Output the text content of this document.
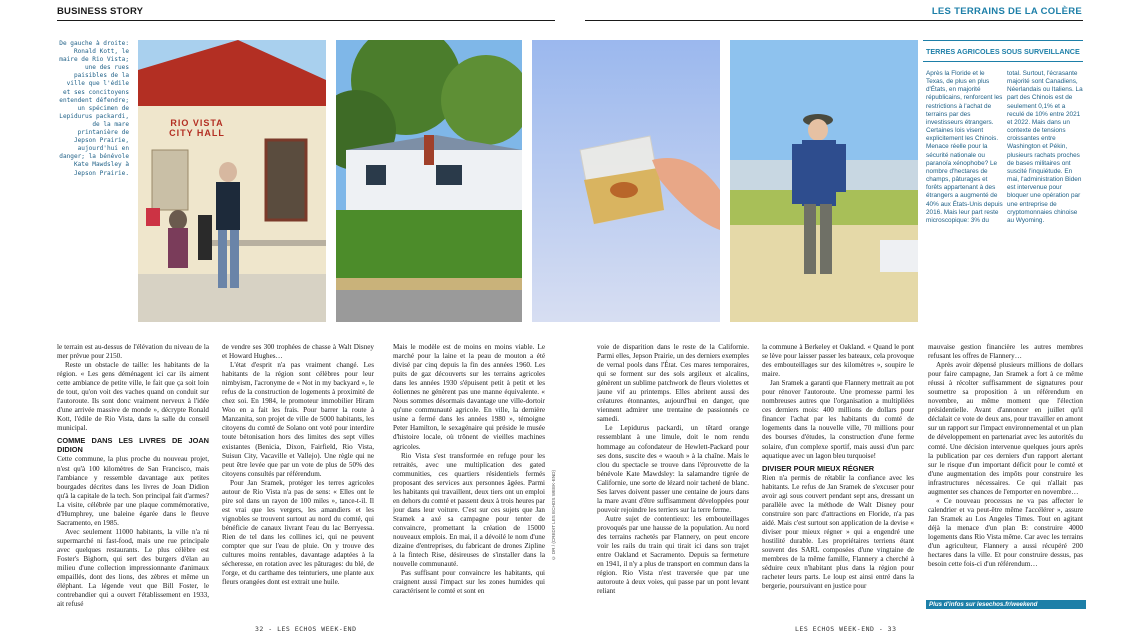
BUSINESS STORY	LES TERRAINS DE LA COLÈRE
De gauche à droite: Ronald Kott, le maire de Rio Vista; une des rues paisibles de la ville que l'édile et ses concitoyens entendent défendre; un spécimen de Lepidurus packardi, de la mare printanière de Jepson Prairie, aujourd'hui en danger; la bénévole Kate Mawdsley à Jepson Prairie.
RIO VISTA CITY HALL
TERRES AGRICOLES SOUS SURVEILLANCE
Après la Floride et le Texas, de plus en plus d'États, en majorité républicains, renforcent les restrictions à l'achat de terrains par des investisseurs étrangers. Certaines lois visent explicitement les Chinois. Menace réelle pour la sécurité nationale ou paranoïa xénophobe? Le nombre d'hectares de champs, pâturages et forêts appartenant à des étrangers a augmenté de 40% aux États-Unis depuis 2016. Mais leur part reste microscopique: 3% du
total. Surtout, l'écrasante majorité sont Canadiens, Néerlandais ou Italiens. La part des Chinois est de seulement 0,1% et a reculé de 10% entre 2021 et 2022. Mais dans un contexte de tensions croissantes entre Washington et Pékin, plusieurs rachats proches de bases militaires ont suscité l'inquiétude. En mai, l'administration Biden est intervenue pour bloquer une opération par une entreprise de cryptomonnaies chinoise au Wyoming.

le terrain est au-dessus de l'élévation du niveau de la mer prévue pour 2150.

Reste un obstacle de taille: les habitants de la région. « Les gens déménagent ici car ils aiment cette ambiance de petite ville, le fait que ça soit loin de tout, qu'on voit des vaches quand on conduit sur l'autoroute. Ils sont donc vraiment nerveux à l'idée d'une arrivée massive de monde », décrypte Ronald Kott, l'édile de Rio Vista, dans la salle du conseil municipal.

COMME DANS LES LIVRES DE JOAN DIDION

Cette commune, la plus proche du nouveau projet, n'est qu'à 100 kilomètres de San Francisco, mais l'ambiance y ressemble davantage aux petites bourgades décrites dans les livres de Joan Didion qu'à la capitale de la tech. Son principal fait d'armes? La visite, célébrée par une plaque commémorative, d'Humphrey, une baleine égarée dans le fleuve Sacramento, en 1985.

Avec seulement 11000 habitants, la ville n'a ni supermarché ni fast-food, mais une rue principale avec quelques restaurants. Le plus célèbre est Foster's Bighorn, qui sert des burgers d'élan au milieu d'une collection impressionnante d'animaux empaillés, dont des lions, des zèbres et même un éléphant. La légende veut que Bill Foster, le contrebandier qui a ouvert l'établissement en 1933, ait refusé

de vendre ses 300 trophées de chasse à Walt Disney et Howard Hughes…

L'état d'esprit n'a pas vraiment changé. Les habitants de la région sont célèbres pour leur nimbyism, l'acronyme de « Not in my backyard », le refus de la construction de logements à proximité de chez soi. En 1984, le promoteur immobilier Hiram Woo en a fait les frais. Pour barrer la route à Manzanita, son projet de ville de 5000 habitants, les citoyens du comté de Solano ont voté pour interdire toute bétonisation hors des limites des sept villes existantes (Benicia, Dixon, Fairfield, Rio Vista, Suisun City, Vacaville et Vallejo). Une règle qui ne peut être levée que par un vote de plus de 50% des citoyens consultés par référendum.

Pour Jan Sramek, protéger les terres agricoles autour de Rio Vista n'a pas de sens: « Elles ont le pire sol dans un rayon de 100 miles », tance-t-il. Il est vrai que les vergers, les amandiers et les vignobles se trouvent surtout au nord du comté, qui bénéficie de canaux livrant l'eau du lac Berryessa. Rien de tel dans les collines ici, qui ne peuvent compter que sur l'eau de pluie. On y trouve des cultures moins rentables, davantage adaptées à la sécheresse, en rotation avec les pâturages: du blé, de l'orge, et du carthame des teinturiers, une plante aux fleurs orangées dont est extrait une huile.

Mais le modèle est de moins en moins viable. Le marché pour la laine et la peau de mouton a été divisé par cinq depuis la fin des années 1960. Les puits de gaz découverts sur les terrains agricoles dans les années 1930 s'épuisent petit à petit et les éoliennes ne génèrent pas une manne équivalente. « Nous sommes désormais davantage une ville-dortoir qu'une communauté agricole. En ville, la dernière usine a fermé dans les années 1980 », témoigne Peter Hamilton, le sexagénaire qui préside le musée d'histoire locale, où trônent de vieilles machines agricoles.

Rio Vista s'est transformée en refuge pour les retraités, avec une multiplication des gated communities, ces quartiers résidentiels fermés proposant des services aux personnes âgées. Parmi les habitants qui travaillent, deux tiers ont un emploi en dehors du comté et passent deux à trois heures par jour dans leur voiture. C'est sur ces sujets que Jan Sramek a axé sa campagne pour tenter de convaincre, promettant la création de 15000 nouveaux emplois. En mai, il a dévoilé le nom d'une dizaine d'entreprises, du fabricant de drones Zipline à la fintech Rise, désireuses de s'installer dans la nouvelle communauté.

Pas suffisant pour convaincre les habitants, qui craignent aussi l'impact sur les zones humides qui caractérisent le comté et sont en

voie de disparition dans le reste de la Californie. Parmi elles, Jepson Prairie, un des derniers exemples de vernal pools dans l'État. Ces mares temporaires, qui se forment sur des sols argileux et alcalins, génèrent un sublime patchwork de fleurs violettes et jaune vif au printemps. Elles abritent aussi des créatures étonnantes, aujourd'hui en danger, que viennent admirer une trentaine de passionnés ce samedi.

Le Lepidurus packardi, un têtard orange ressemblant à une limule, doit le nom rendu hommage au cofondateur de Hewlett-Packard pour ses dons, suscite des « waouh » à la chaîne. Mais le clou du spectacle se trouve dans l'éprouvette de la bénévole Kate Mawdsley: la salamandre tigrée de Californie, une sorte de lézard noir tacheté de blanc. Ses larves doivent passer une centaine de jours dans la mare avant d'être suffisamment développées pour pouvoir rejoindre les terriers sur la terre ferme.

Autre sujet de contentieux: les embouteillages provoqués par une hausse de la population. Au nord des terrains rachetés par Flannery, on peut encore voir les rails du train qui tirait ici dans son trajet entre Oakland et Sacramento. Depuis sa fermeture en 1941, il n'y a plus de transport en commun dans la région. Rio Vista n'est traversée que par une autoroute à deux voies, qui passe par un pont levant reliant

la commune à Berkeley et Oakland. « Quand le pont se lève pour laisser passer les bateaux, cela provoque des embouteillages sur des kilomètres », soupire le maire.

Jan Sramek a garanti que Flannery mettrait au pot pour rénover l'autoroute. Une promesse parmi les nombreuses autres que l'organisation a multipliées ces derniers mois: 400 millions de dollars pour financer l'achat par les habitants du comté de logements dans la nouvelle ville, 70 millions pour des bourses d'études, la construction d'une ferme solaire, d'un complexe sportif, mais aussi d'un parc aquatique avec un lagon bleu turquoise!

DIVISER POUR MIEUX RÉGNER

Rien n'a permis de rétablir la confiance avec les habitants. Le refus de Jan Sramek de s'excuser pour avoir agi sous couvert pendant sept ans, dressant un parallèle avec la méthode de Walt Disney pour construire son parc d'attractions en Floride, n'a pas aidé. Mais c'est surtout son application de la devise « diviser pour mieux régner » qui a engendré une hostilité durable. Les propriétaires terriens étant souvent des SARL composées d'une vingtaine de membres de la même famille, Flannery a cherché à séduire ceux n'habitant plus dans la région pour racheter leurs parts. Le loup est ainsi entré dans la bergerie, poursuivant en justice pour

mauvaise gestion financière les autres membres refusant les offres de Flannery…

Après avoir dépensé plusieurs millions de dollars pour faire campagne, Jan Sramek a fort à ce même réussi à récolter suffisamment de signatures pour soumettre sa proposition à un référendum en novembre, au même moment que l'élection présidentielle. Avant d'annoncer en juillet qu'il déclalait ce vote de deux ans, pour travailler en amont sur un rapport sur l'impact environnemental et un plan de développement en partenariat avec les autorités du comté. Une décision intervenue quelques jours après la publication par ces derniers d'un rapport alertant sur le risque d'un important déficit pour le comté et d'une augmentation des impôts pour construire les infrastructures nécessaires. Ce qui n'allait pas augmenter ses chances de l'emporter en novembre…

« Ce nouveau processus ne va pas affecter le calendrier et va peut-être même l'accélérer », assure Jan Sramek au Los Angeles Times. Tout en agitant déjà la menace d'un plan B: construire 4000 logements dans Rio Vista même. Car avec les terrains d'un agriculteur, Flannery a aussi récupéré 200 hectares dans la ville. Et pour construire dessus, pas besoin cette fois-ci d'un référendum…

© DR / (CREDIT LES ECHOS WEEK-END)
Plus d'infos sur lesechos.fr/weekend
32 - LES ECHOS WEEK-END	LES ECHOS WEEK-END - 33
